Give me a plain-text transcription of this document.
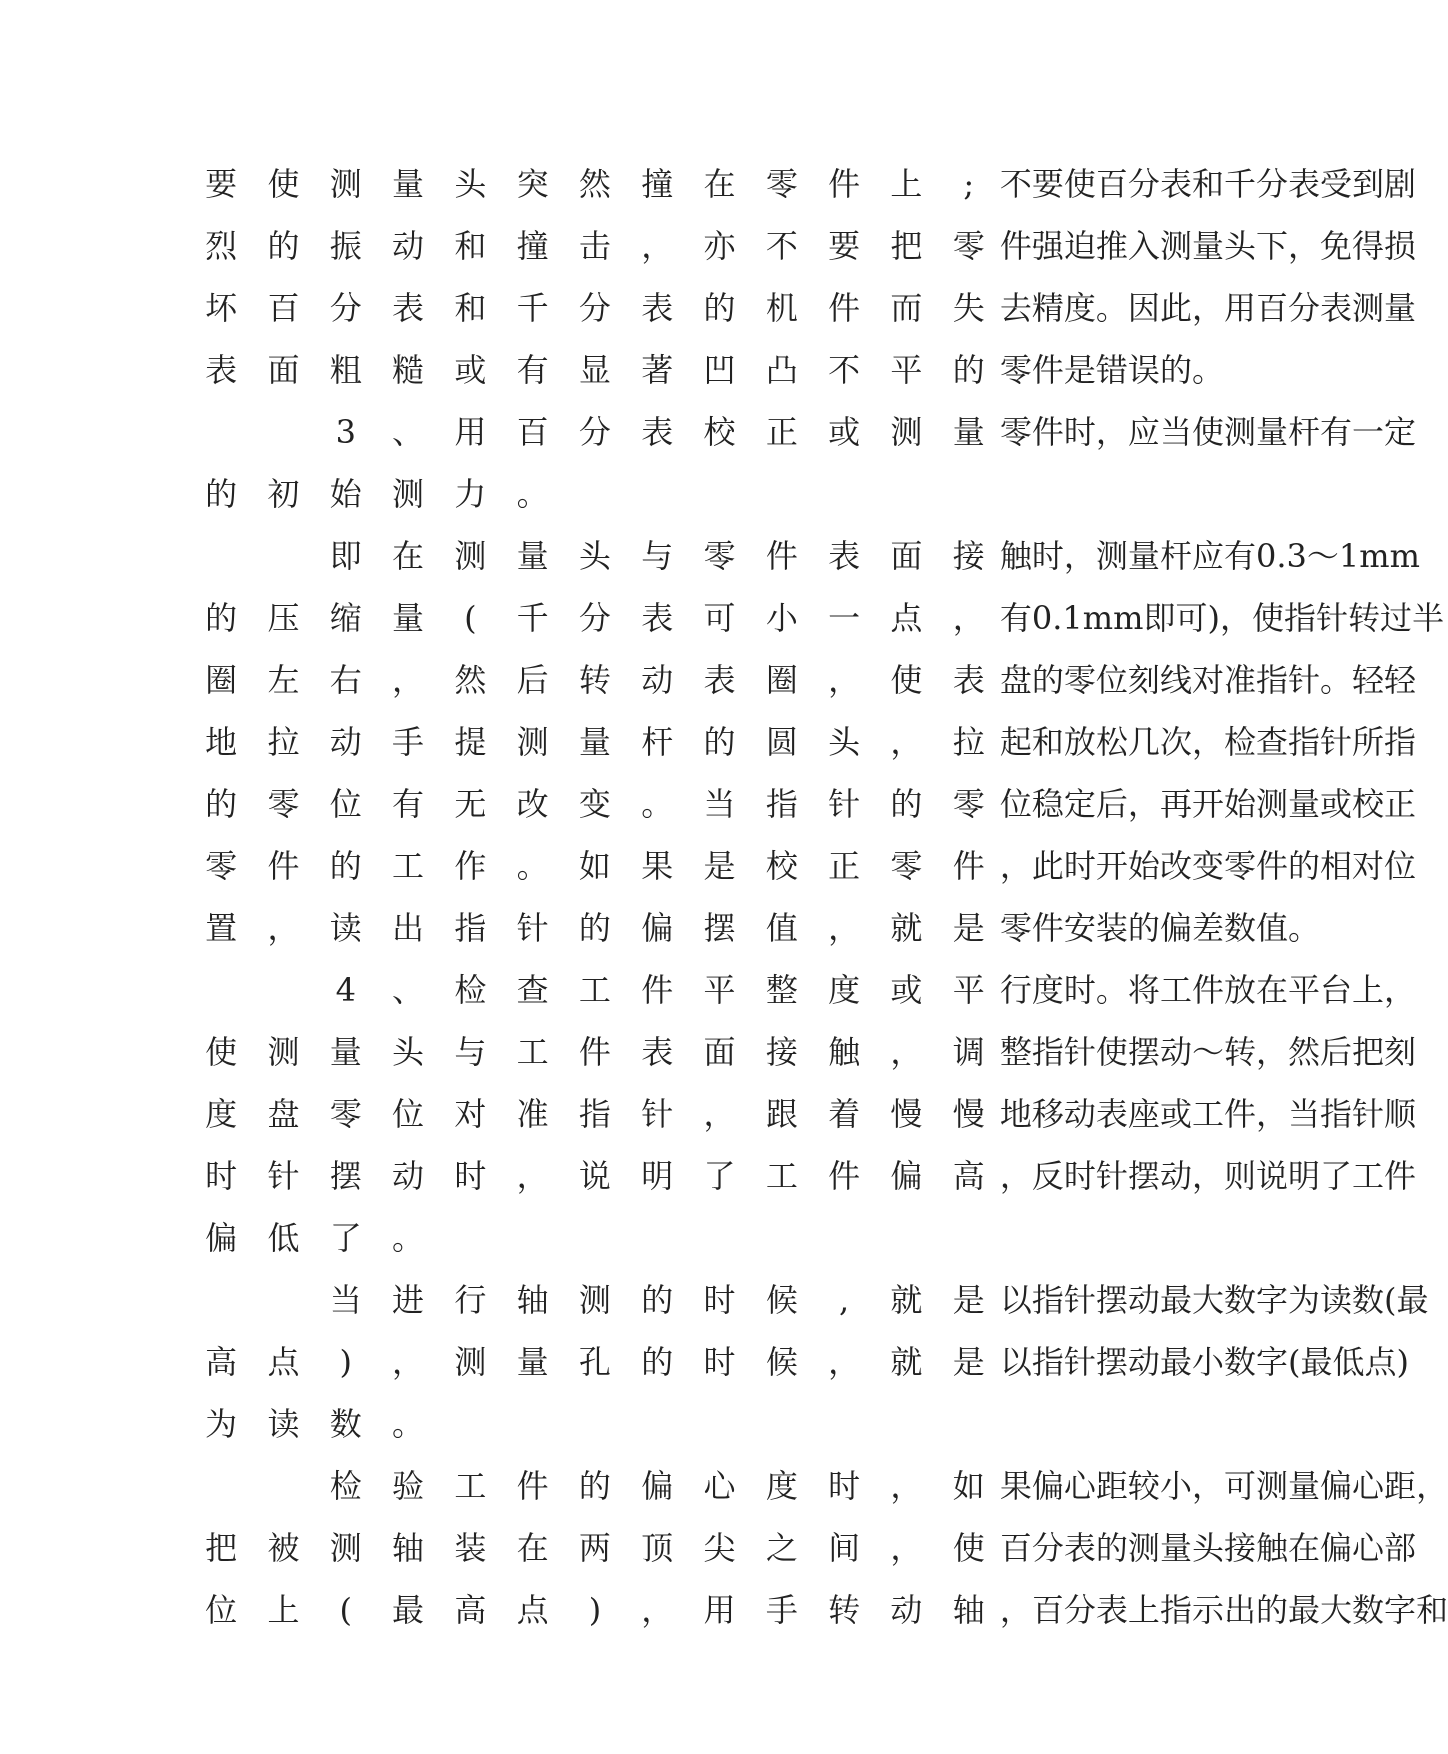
要 使 测 量 头 突 然 撞 在 零 件 上	; 不 要 使 百 分 表 和 千 分 表 受 到 剧
烈 的 振 动 和 撞 击 ， 亦 不 要 把 零 件 强 迫 推 入 测 量 头 下 ， 免 得 损
坏 百 分 表 和 千 分 表 的 机 件 而 失 去 精 度 。 因 此 ， 用 百 分 表 测 量
表 面 粗 糙 或 有 显 著 凹 凸 不 平 的 零 件 是 错 误 的 。
3	、 用 百 分 表 校 正 或 测 量 零 件 时 ， 应 当 使 测 量 杆 有 一 定
的 初 始 测 力 。
即 在 测 量 头 与 零 件 表 面 接 触 时 ， 测 量 杆 应 有 0. 3 ～ 1m m
的 压 缩 量	(	千 分 表 可 小 一 点 ， 有 0. 1m m 即 可 ) ， 使 指 针 转 过 半
圈 左 右 ， 然 后 转 动 表 圈 ， 使 表 盘 的 零 位 刻 线 对 准 指 针 。 轻 轻
地 拉 动 手 提 测 量 杆 的 圆 头 ， 拉 起 和 放 松 几 次 ， 检 查 指 针 所 指
的 零 位 有 无 改 变 。 当 指 针 的 零 位 稳 定 后 ， 再 开 始 测 量 或 校 正
零 件 的 工 作 。 如 果 是 校 正 零 件 ， 此 时 开 始 改 变 零 件 的 相 对 位
置 ， 读 出 指 针 的 偏 摆 值 ， 就 是 零 件 安 装 的 偏 差 数 值 。
4	、 检 查 工 件 平 整 度 或 平 行 度 时 。 将 工 件 放 在 平 台 上 ，
使 测 量 头 与 工 件 表 面 接 触 ， 调 整 指 针 使 摆 动 ～ 转 ， 然 后 把 刻
度 盘 零 位 对 准 指 针 ， 跟 着 慢 慢 地 移 动 表 座 或 工 件 ， 当 指 针 顺
时 针 摆 动 时 ， 说 明 了 工 件 偏 高 ， 反 时 针 摆 动 ， 则 说 明 了 工 件
偏 低 了 。
当 进 行 轴 测 的 时 候	,	就 是 以 指 针 摆 动 最 大 数 字 为 读 数 ( 最
高 点	)	， 测 量 孔 的 时 候 ， 就 是 以 指 针 摆 动 最 小 数 字 ( 最 低 点 )
为 读 数 。
检 验 工 件 的 偏 心 度 时 ， 如 果 偏 心 距 较 小 ， 可 测 量 偏 心 距 ，
把 被 测 轴 装 在 两 顶 尖 之 间 ， 使 百 分 表 的 测 量 头 接 触 在 偏 心 部
位 上	(	最 高 点	)	， 用 手 转 动 轴 ， 百 分 表 上 指 示 出 的 最 大 数 字 和
